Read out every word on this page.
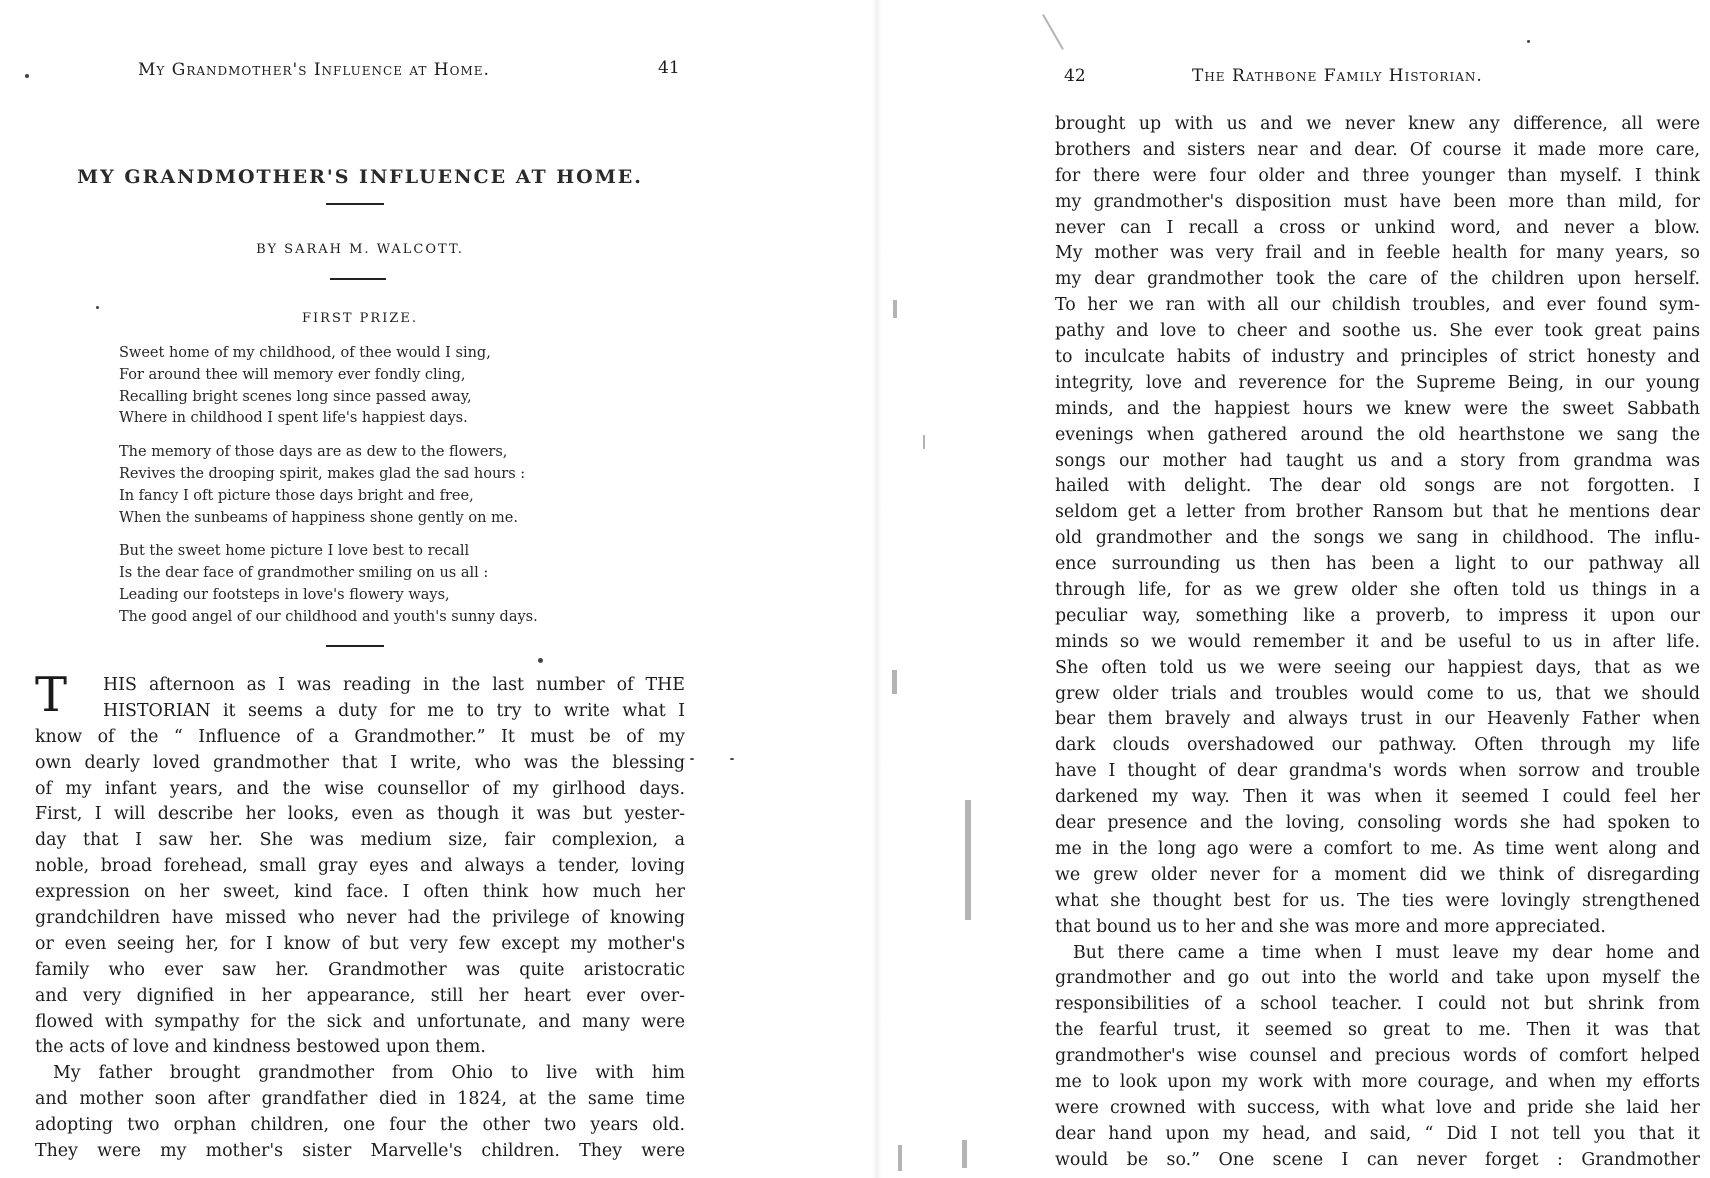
My Grandmother's Influence at Home.	41
MY GRANDMOTHER'S INFLUENCE AT HOME.
BY SARAH M. WALCOTT.
FIRST PRIZE.
Sweet home of my childhood, of thee would I sing,
For around thee will memory ever fondly cling,
Recalling bright scenes long since passed away,
Where in childhood I spent life's happiest days.
The memory of those days are as dew to the flowers,
Revives the drooping spirit, makes glad the sad hours :
In fancy I oft picture those days bright and free,
When the sunbeams of happiness shone gently on me.
But the sweet home picture I love best to recall
Is the dear face of grandmother smiling on us all :
Leading our footsteps in love's flowery ways,
The good angel of our childhood and youth's sunny days.
T	HIS afternoon as I was reading in the last number of THE
HISTORIAN it seems a duty for me to try to write what I
know of the “ Influence of a Grandmother.” It must be of my
own dearly loved grandmother that I write, who was the blessing
of my infant years, and the wise counsellor of my girlhood days.
First, I will describe her looks, even as though it was but yester-
day that I saw her. She was medium size, fair complexion, a
noble, broad forehead, small gray eyes and always a tender, loving
expression on her sweet, kind face. I often think how much her
grandchildren have missed who never had the privilege of knowing
or even seeing her, for I know of but very few except my mother's
family who ever saw her. Grandmother was quite aristocratic
and very dignified in her appearance, still her heart ever over-
flowed with sympathy for the sick and unfortunate, and many were
the acts of love and kindness bestowed upon them.
My father brought grandmother from Ohio to live with him
and mother soon after grandfather died in 1824, at the same time
adopting two orphan children, one four the other two years old.
They were my mother's sister Marvelle's children. They were
42	The Rathbone Family Historian.
brought up with us and we never knew any difference, all were
brothers and sisters near and dear. Of course it made more care,
for there were four older and three younger than myself. I think
my grandmother's disposition must have been more than mild, for
never can I recall a cross or unkind word, and never a blow.
My mother was very frail and in feeble health for many years, so
my dear grandmother took the care of the children upon herself.
To her we ran with all our childish troubles, and ever found sym-
pathy and love to cheer and soothe us. She ever took great pains
to inculcate habits of industry and principles of strict honesty and
integrity, love and reverence for the Supreme Being, in our young
minds, and the happiest hours we knew were the sweet Sabbath
evenings when gathered around the old hearthstone we sang the
songs our mother had taught us and a story from grandma was
hailed with delight. The dear old songs are not forgotten. I
seldom get a letter from brother Ransom but that he mentions dear
old grandmother and the songs we sang in childhood. The influ-
ence surrounding us then has been a light to our pathway all
through life, for as we grew older she often told us things in a
peculiar way, something like a proverb, to impress it upon our
minds so we would remember it and be useful to us in after life.
She often told us we were seeing our happiest days, that as we
grew older trials and troubles would come to us, that we should
bear them bravely and always trust in our Heavenly Father when
dark clouds overshadowed our pathway. Often through my life
have I thought of dear grandma's words when sorrow and trouble
darkened my way. Then it was when it seemed I could feel her
dear presence and the loving, consoling words she had spoken to
me in the long ago were a comfort to me. As time went along and
we grew older never for a moment did we think of disregarding
what she thought best for us. The ties were lovingly strengthened
that bound us to her and she was more and more appreciated.
But there came a time when I must leave my dear home and
grandmother and go out into the world and take upon myself the
responsibilities of a school teacher. I could not but shrink from
the fearful trust, it seemed so great to me. Then it was that
grandmother's wise counsel and precious words of comfort helped
me to look upon my work with more courage, and when my efforts
were crowned with success, with what love and pride she laid her
dear hand upon my head, and said, “ Did I not tell you that it
would be so.” One scene I can never forget : Grandmother
